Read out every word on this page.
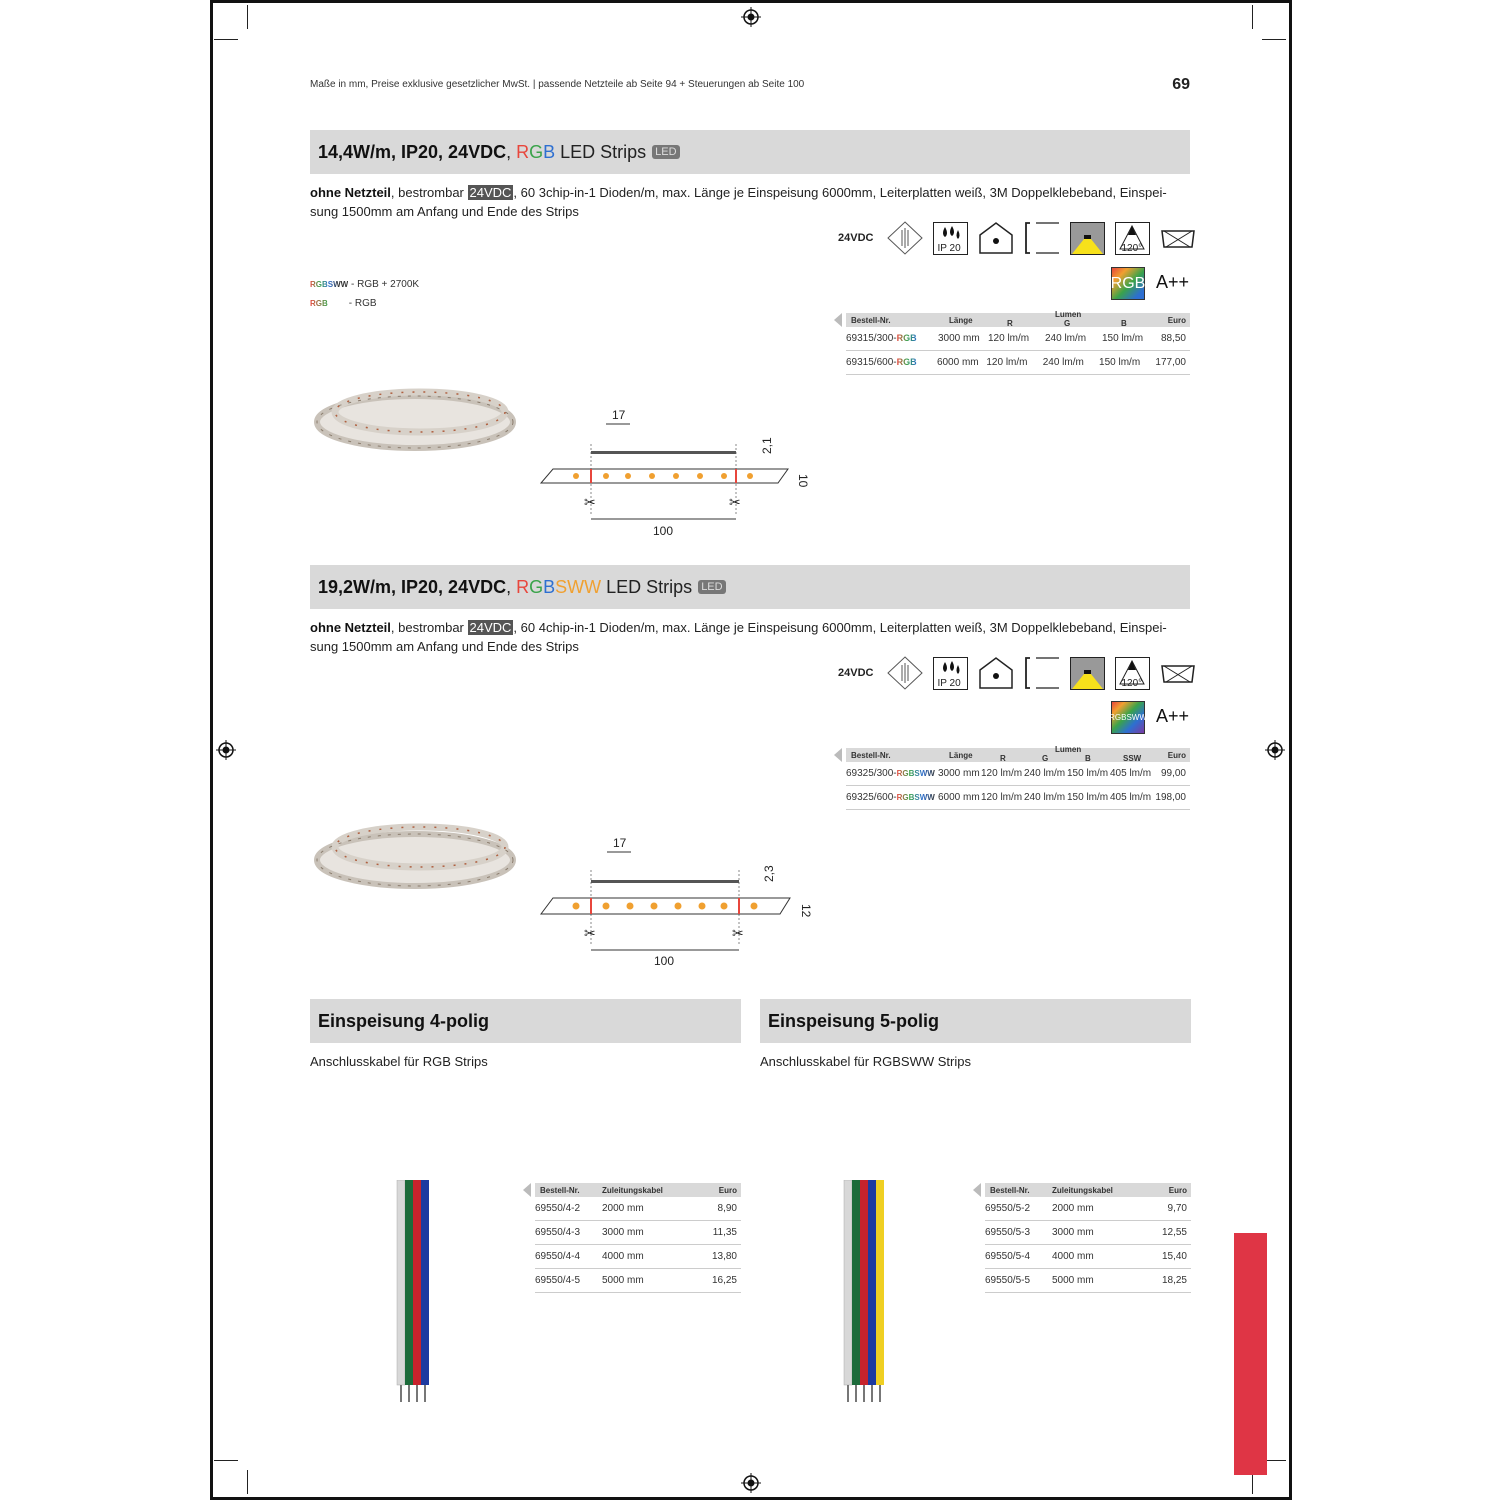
Maße in mm, Preise exklusive gesetzlicher MwSt. | passende Netzteile ab Seite 94 + Steuerungen ab Seite 100	69
14,4W/m, IP20, 24VDC , RGB LED Strips LED
ohne Netzteil, bestrombar 24VDC , 60 3chip-in-1 Dioden/m, max. Länge je Einspeisung 6000mm, Leiterplatten weiß, 3M Doppelklebeband, Einspei-sung 1500mm am Anfang und Ende des Strips
24VDC
IP 20	120°
RGB A++
RGBSWW - RGB + 2700K
RGB - RGB
Bestell-Nr.	Länge
Lumen
R	G	B	Euro
69315/300-RGB	3000 mm 120 lm/m	240 lm/m	150 lm/m	88,50
69315/600-RGB	6000 mm 120 lm/m	240 lm/m	150 lm/m	177,00
17
2,1
10
✂	✂
100
19,2W/m, IP20, 24VDC , RGBSWW LED Strips LED
ohne Netzteil, bestrombar 24VDC , 60 4chip-in-1 Dioden/m, max. Länge je Einspeisung 6000mm, Leiterplatten weiß, 3M Doppelklebeband, Einspei-sung 1500mm am Anfang und Ende des Strips
24VDC
IP 20	120°
RGBSWW A++
Bestell-Nr.	Länge
Lumen
R	G	B	SSW	Euro
69325/300-RGBSWW 3000 mm 120 lm/m 240 lm/m 150 lm/m 405 lm/m 99,00
69325/600-RGBSWW 6000 mm 120 lm/m 240 lm/m 150 lm/m 405 lm/m 198,00
17
2,3
12
✂	✂
100
Einspeisung 4-polig
Anschlusskabel für RGB Strips
Einspeisung 5-polig
Anschlusskabel für RGBSWW Strips
Bestell-Nr.	Zuleitungskabel	Euro
69550/4-2	2000 mm	8,90
69550/4-3	3000 mm	11,35
69550/4-4	4000 mm	13,80
69550/4-5	5000 mm	16,25
Bestell-Nr.	Zuleitungskabel	Euro
69550/5-2	2000 mm	9,70
69550/5-3	3000 mm	12,55
69550/5-4	4000 mm	15,40
69550/5-5	5000 mm	18,25
